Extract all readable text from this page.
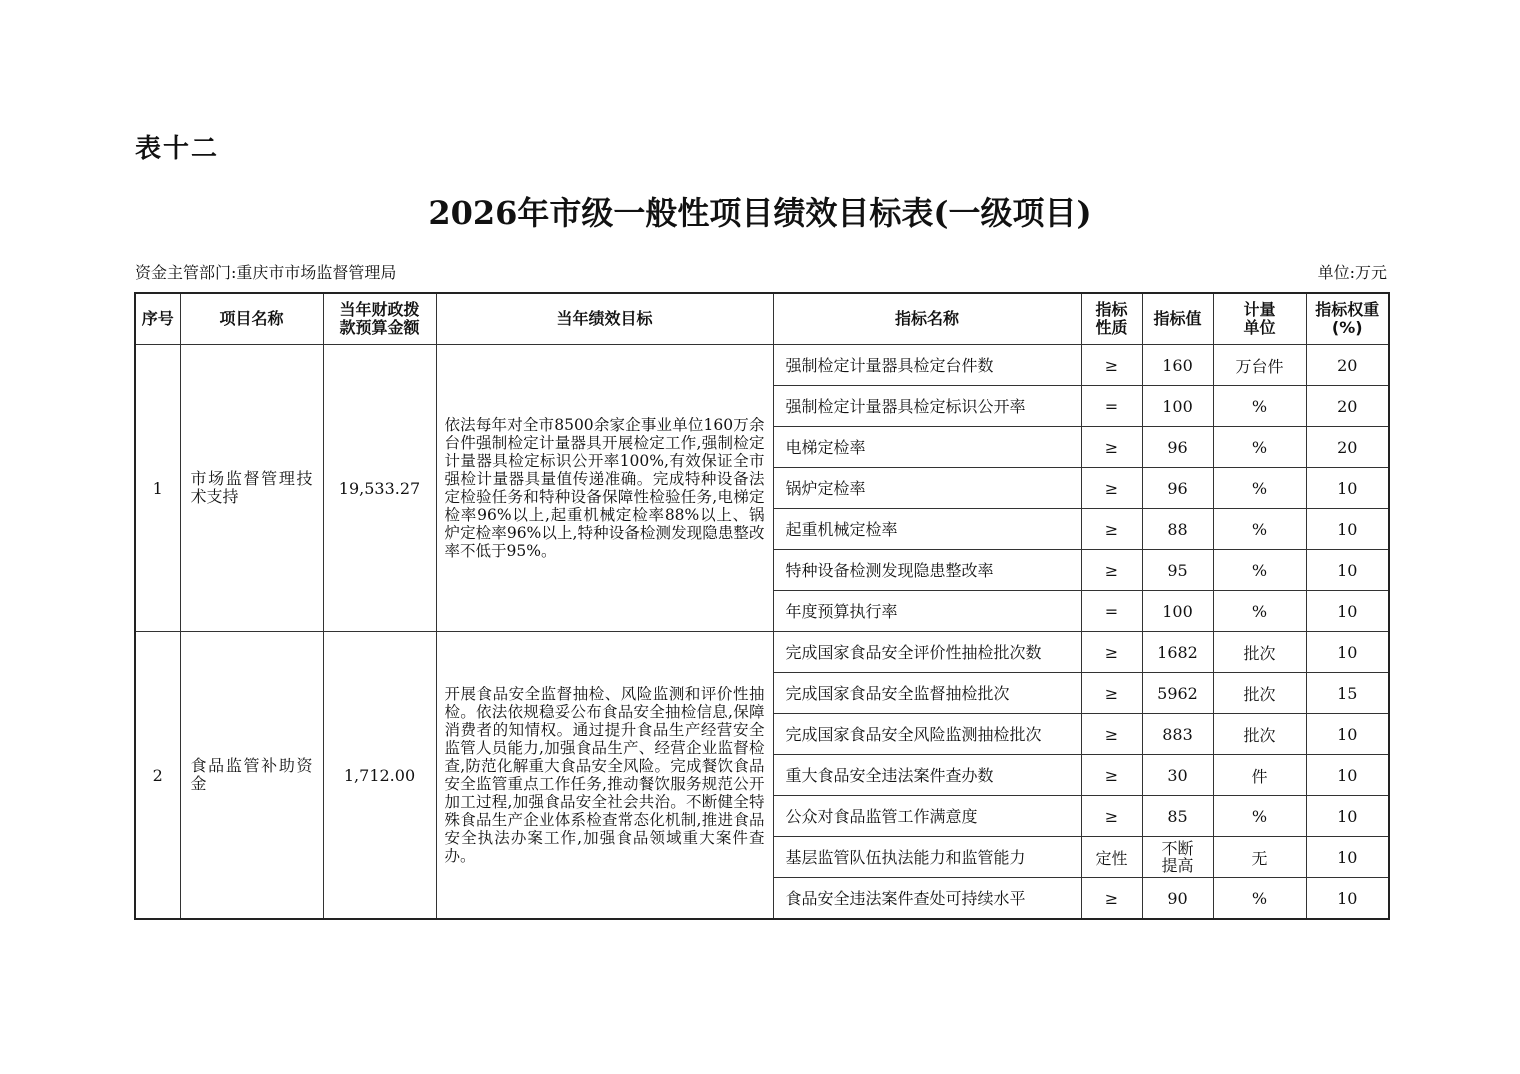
表十二
2026年市级一般性项目绩效目标表(一级项目)
资金主管部门:重庆市市场监督管理局	单位:万元
序号	项目名称	当年财政拨款预算金额	当年绩效目标	指标名称	指标性质	指标值	计量单位	指标权重(%)
1	市场监督管理技术支持	19,533.27	依法每年对全市8500余家企事业单位160万余台件强制检定计量器具开展检定工作,强制检定计量器具检定标识公开率100%,有效保证全市强检计量器具量值传递准确。完成特种设备法定检验任务和特种设备保障性检验任务,电梯定检率96%以上,起重机械定检率88%以上、锅炉定检率96%以上,特种设备检测发现隐患整改率不低于95%。	强制检定计量器具检定台件数	≥	160	万台件	20
				强制检定计量器具检定标识公开率	=	100	%	20
				电梯定检率	≥	96	%	20
				锅炉定检率	≥	96	%	10
				起重机械定检率	≥	88	%	10
				特种设备检测发现隐患整改率	≥	95	%	10
				年度预算执行率	=	100	%	10
2	食品监管补助资金	1,712.00	开展食品安全监督抽检、风险监测和评价性抽检。依法依规稳妥公布食品安全抽检信息,保障消费者的知情权。通过提升食品生产经营安全监管人员能力,加强食品生产、经营企业监督检查,防范化解重大食品安全风险。完成餐饮食品安全监管重点工作任务,推动餐饮服务规范公开加工过程,加强食品安全社会共治。不断健全特殊食品生产企业体系检查常态化机制,推进食品安全执法办案工作,加强食品领域重大案件查办。	完成国家食品安全评价性抽检批次数	≥	1682	批次	10
				完成国家食品安全监督抽检批次	≥	5962	批次	15
				完成国家食品安全风险监测抽检批次	≥	883	批次	10
				重大食品安全违法案件查办数	≥	30	件	10
				公众对食品监管工作满意度	≥	85	%	10
				基层监管队伍执法能力和监管能力	定性	不断提高	无	10
				食品安全违法案件查处可持续水平	≥	90	%	10
